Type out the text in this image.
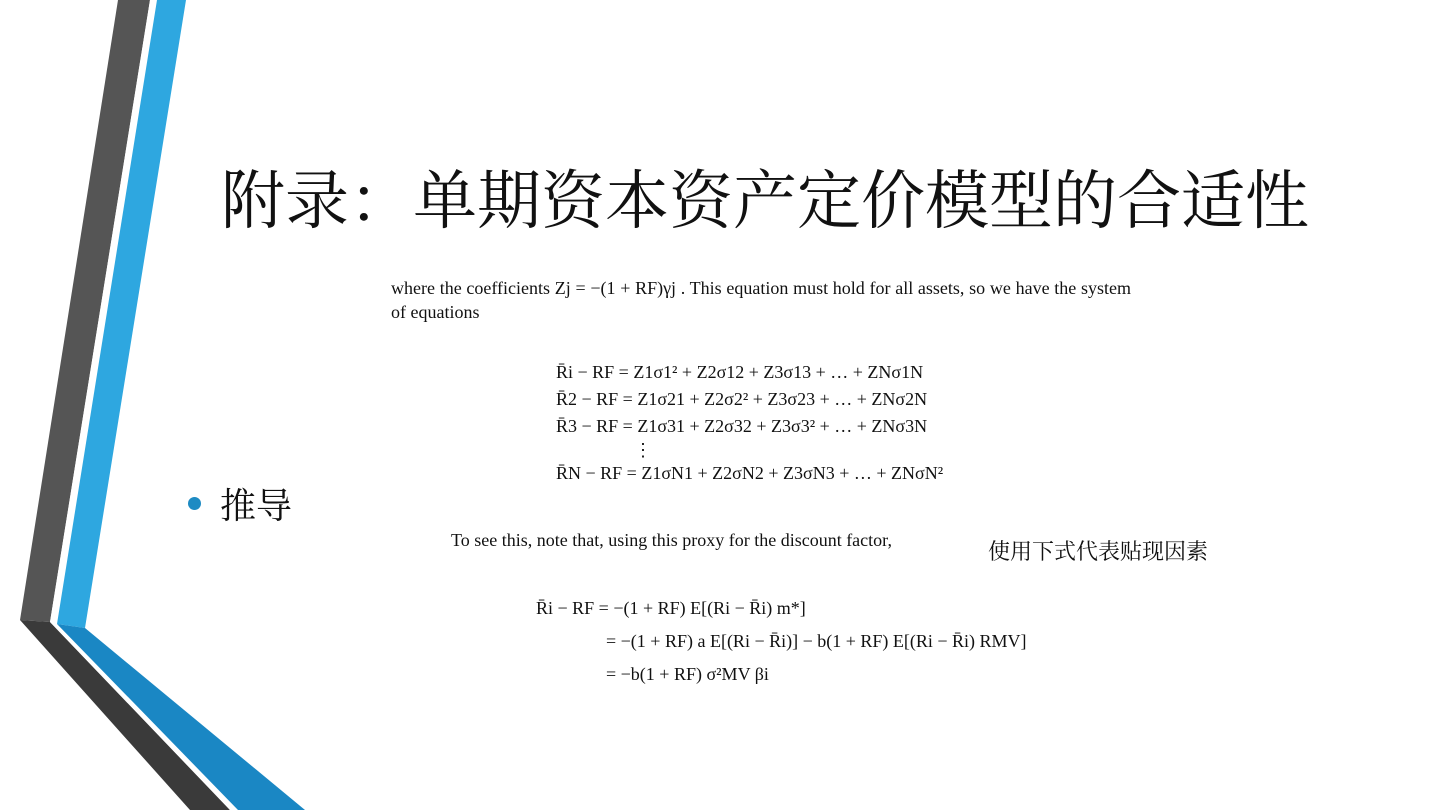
附录：单期资本资产定价模型的合适性
推导
where the coefficients Zj = −(1 + RF)γj . This equation must hold for all assets, so we have the system of equations
R̄i − RF = Z1σ1² + Z2σ12 + Z3σ13 + … + ZNσ1N
R̄2 − RF = Z1σ21 + Z2σ2² + Z3σ23 + … + ZNσ2N
R̄3 − RF = Z1σ31 + Z2σ32 + Z3σ3² + … + ZNσ3N
⋮
R̄N − RF = Z1σN1 + Z2σN2 + Z3σN3 + … + ZNσN²
To see this, note that, using this proxy for the discount factor,	使用下式代表贴现因素
R̄i − RF = −(1 + RF) E[(Ri − R̄i) m*]
= −(1 + RF) a E[(Ri − R̄i)] − b(1 + RF) E[(Ri − R̄i) RMV]
= −b(1 + RF) σ²MV βi
